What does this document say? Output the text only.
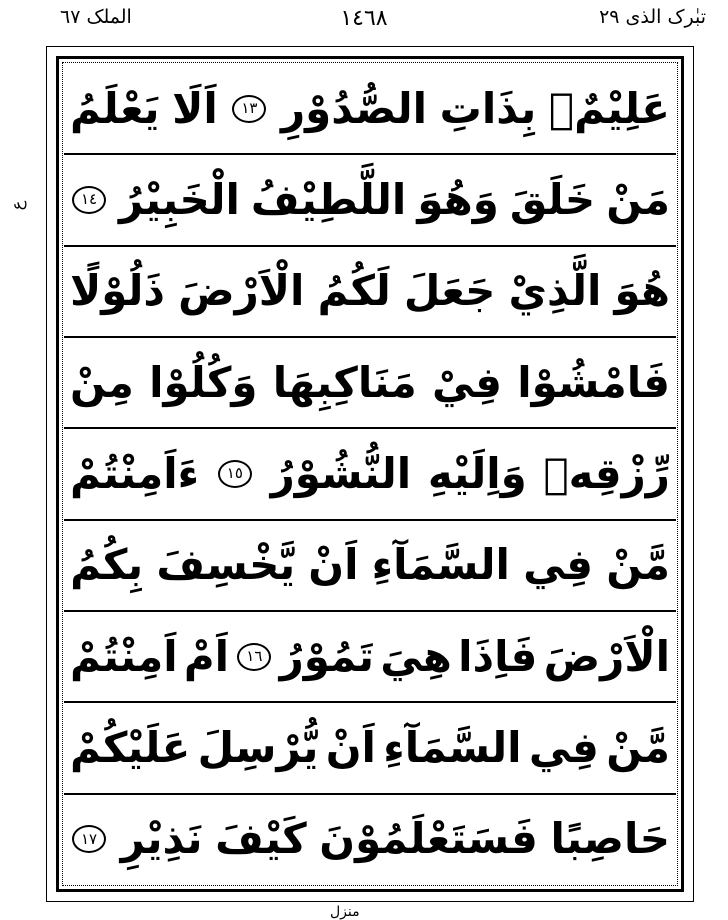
الملک ٦٧	١٤٦٨	تبٰرک الذی ٢٩
ع
عَلِيْمٌۢ
بِذَاتِ
الصُّدُوْرِ
١٣
اَلَا
يَعْلَمُ
مَنْ
خَلَقَ
وَهُوَ
اللَّطِيْفُ
الْخَبِيْرُ
١٤
هُوَ
الَّذِيْ
جَعَلَ
لَكُمُ
الْاَرْضَ
ذَلُوْلًا
فَامْشُوْا
فِيْ
مَنَاكِبِهَا
وَكُلُوْا
مِنْ
رِّزْقِهٖ
وَاِلَيْهِ
النُّشُوْرُ
١٥
ءَاَمِنْتُمْ
مَّنْ
فِي
السَّمَآءِ
اَنْ
يَّخْسِفَ
بِكُمُ
الْاَرْضَ
فَاِذَا
هِيَ
تَمُوْرُ
١٦
اَمْ
اَمِنْتُمْ
مَّنْ
فِي
السَّمَآءِ
اَنْ
يُّرْسِلَ
عَلَيْكُمْ
حَاصِبًا
فَسَتَعْلَمُوْنَ
كَيْفَ
نَذِيْرِ
١٧
منزل
